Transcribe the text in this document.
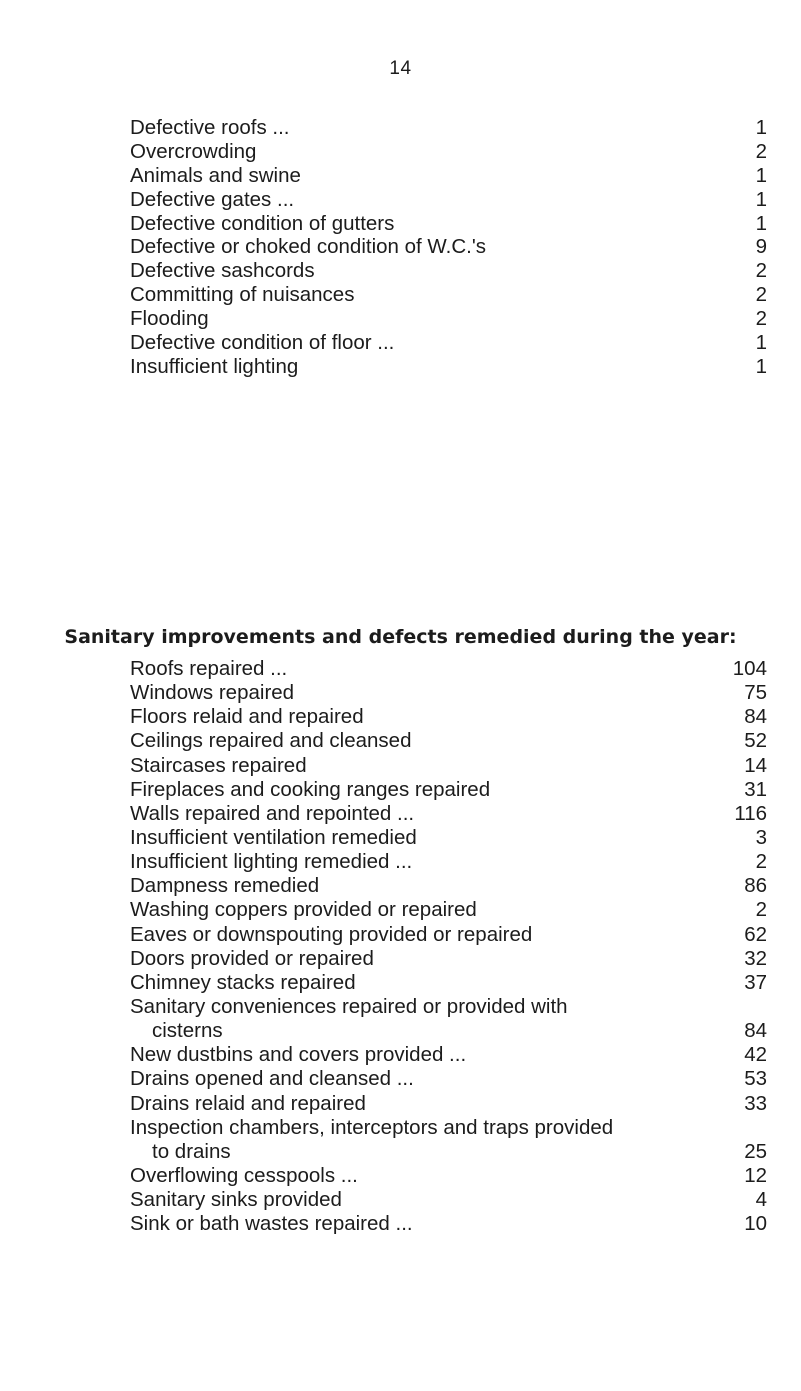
14
Defective roofs ...	1
Overcrowding	2
Animals and swine	1
Defective gates ...	1
Defective condition of gutters	1
Defective or choked condition of W.C.'s	9
Defective sashcords	2
Committing of nuisances	2
Flooding	2
Defective condition of floor ...	1
Insufficient lighting	1
Sanitary improvements and defects remedied during the year:
Roofs repaired ...	104
Windows repaired	75
Floors relaid and repaired	84
Ceilings repaired and cleansed	52
Staircases repaired	14
Fireplaces and cooking ranges repaired	31
Walls repaired and repointed ...	116
Insufficient ventilation remedied	3
Insufficient lighting remedied ...	2
Dampness remedied	86
Washing coppers provided or repaired	2
Eaves or downspouting provided or repaired	62
Doors provided or repaired	32
Chimney stacks repaired	37
Sanitary conveniences repaired or provided with
cisterns	84
New dustbins and covers provided ...	42
Drains opened and cleansed ...	53
Drains relaid and repaired	33
Inspection chambers, interceptors and traps provided
to drains	25
Overflowing cesspools ...	12
Sanitary sinks provided	4
Sink or bath wastes repaired ...	10
